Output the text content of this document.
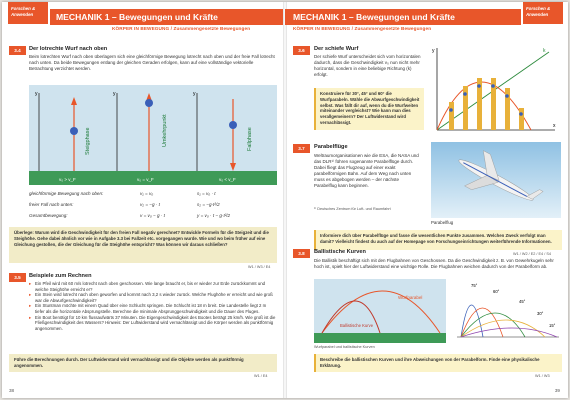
Forschen & Anwenden	MECHANIK 1 – Bewegungen und Kräfte
KÖRPER IN BEWEGUNG / Zusammengesetzte Bewegungen
3.4	Der lotrechte Wurf nach oben
Beim lotrechten Wurf nach oben überlagern sich eine gleichförmige Bewegung lotrecht nach oben und der freie Fall lotrecht nach unten. Da beide Bewegungen entlang der gleichen Geraden erfolgen, kann auf eine vollständige vektorielle Betrachtung verzichtet werden.
y
Steigphase
v₀ > v_F
y
Umkehrpunkt
v₀ = v_F
y
Fallphase
v₀ < v_F
gleichförmige Bewegung nach oben:	v₁ = v₀	s₁ = v₀ · t
freier Fall nach unten:	v₂ = −g · t	s₂ = −g·t²/2
Gesamtbewegung:	v = v₀ − g · t	y = v₀ · t − g·t²/2
Überlege: Warum wird die Geschwindigkeit für den freien Fall negativ gerechnet? Entwickle Formeln für die Steigzeit und die Steighöhe. Gehe dabei ähnlich vor wie in Aufgabe 3.3 bei Fallzeit etc. vorgegangen wurde. Wie und wo beim früher auf eine Gleichung gestoßen, die der Gleichung für die Steighöhe entspricht? Was können wir daraus schließen?
W1 / W3 / E4
3.5	Beispiele zum Rechnen
▸ Ein Pfeil wird mit 60 m/s lotrecht nach oben geschossen. Wie lange braucht er, bis er wieder zur Erde zurückkommt und welche Steighöhe erreicht er?
▸ Ein Stein wird lotrecht nach oben geworfen und kommt nach 3,2 s wieder zurück. Welche Flughöhe er erreicht und wie groß war die Abwurfgeschwindigkeit?
▸ Ein Stuntman möchte mit einem Quad über eine Schlucht springen. Die Schlucht ist 18 m breit. Die Landestelle liegt 2 m tiefer als die horizontale Absprungstelle. Berechne die minimale Absprunggeschwindigkeit und die Dauer des Fluges.
▸ Ein Boot benötigt für 10 km flussaufwärts 37 Minuten. Die Eigengeschwindigkeit des Bootes beträgt 25 km/h. Wie groß ist die Fließgeschwindigkeit des Wassers? Hinweis: Der Luftwiderstand wird vernachlässigt und die Körper werden als punktförmig angenommen.
Führe die Berechnungen durch. Der Luftwiderstand wird vernachlässigt und die Objekte werden als punktförmig angenommen.
W1 / E4
38
MECHANIK 1 – Bewegungen und Kräfte
Forschen & Anwenden
KÖRPER IN BEWEGUNG / Zusammengesetzte Bewegungen
3.6	Der schiefe Wurf
Der schiefe Wurf unterscheidet sich vom horizontalen dadurch, dass die Geschwindigkeit v₀ nun nicht mehr horizontal, sondern in eine beliebige Richtung (k) erfolgt.
Konstruiere für 30°, 45° und 60° die Wurfparabeln. Wähle die Abwurfgeschwindigkeit selbst. Was fällt dir auf, wenn du die Wurfweiten miteinander vergleichst? Wie kann man dies verallgemeinern? Der Luftwiderstand wird vernachlässigt.
y
x
k
3.7	Parabelflüge
Weltraumorganisationen wie die ESA, die NASA und das DLR¹⁾ führen sogenannte Parabelflüge durch. Dabei fliegt das Flugzeug auf einer exakt parabelförmigen Bahn. Auf dem Weg nach unten muss es abgebogen werden – der nächste Parabelflug kann beginnen.
¹⁾ Deutsches Zentrum für Luft- und Raumfahrt
Parabelflug
Informiere dich über Parabelflüge und fasse die wesentlichen Punkte zusammen. Welchen Zweck verfolgt man damit? Vielleicht findest du auch auf der Homepage von Forschungseinrichtungen weiterführende Informationen.
W1 / W2 / E2 / E4 / S4
3.8	Ballistische Kurven
Die Ballistik beschäftigt sich mit den Flugbahnen von Geschossen. Da die Geschwindigkeit z. B. von Gewehrkugeln sehr hoch ist, spielt hier der Luftwiderstand eine wichtige Rolle. Die Flugbahnen weichen dadurch von der Parabelform ab.
Wurfparabel
Ballistische Kurve
Wurfparabel und ballistische Kurven
75°
60°
45°
30°
15°
Beschreibe die ballistischen Kurven und ihre Abweichungen von der Parabelform. Finde eine physikalische Erklärung.
W1 / W3
39
